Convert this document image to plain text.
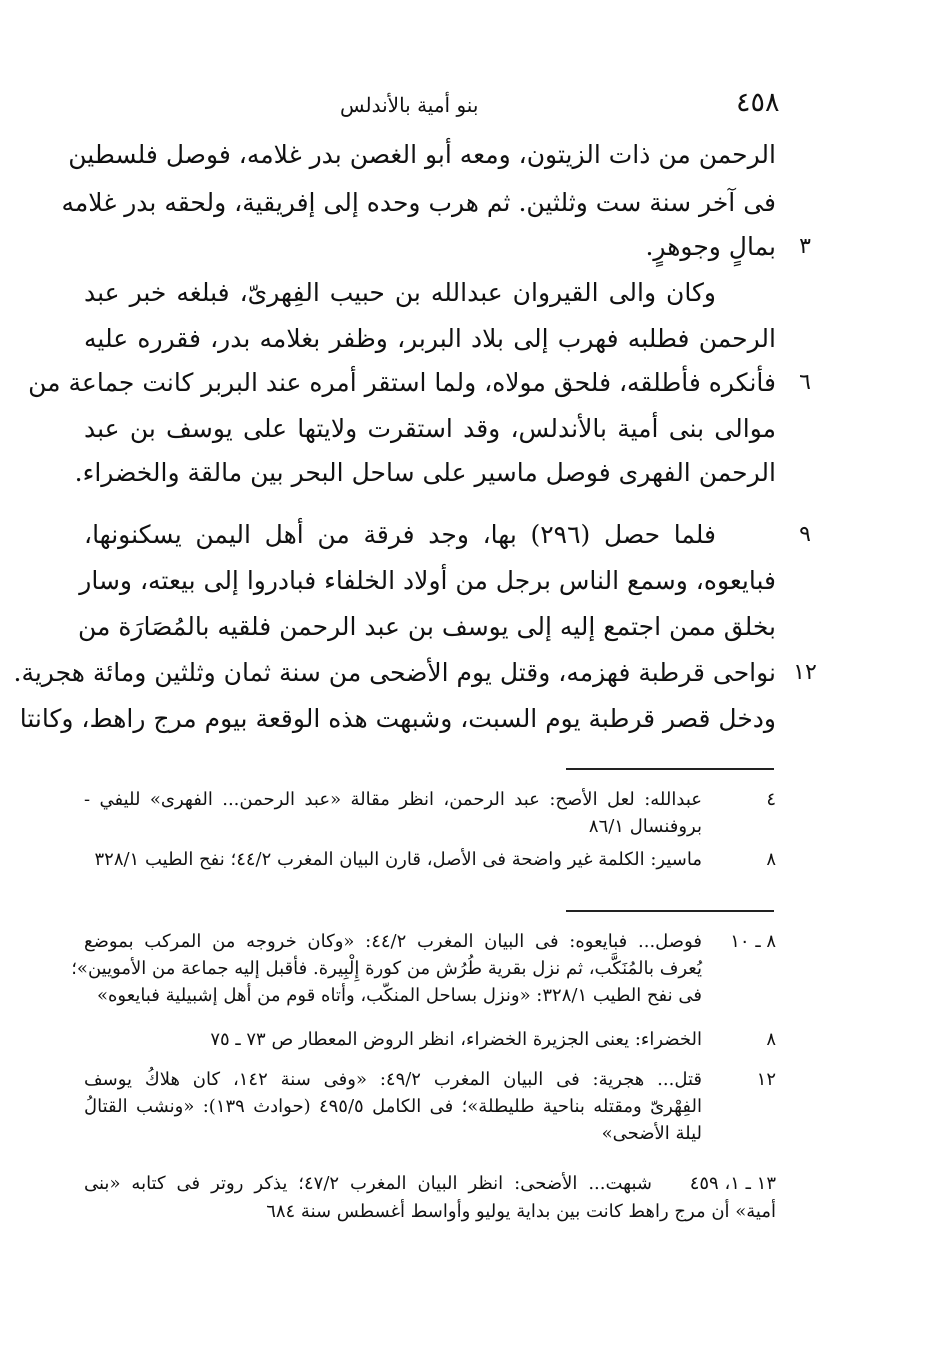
٤٥٨
بنو أمية بالأندلس
الرحمن من ذات الزيتون، ومعه أبو الغصن بدر غلامه، فوصل فلسطين
فى آخر سنة ست وثلثين. ثم هرب وحده إلى إفريقية، ولحقه بدر غلامه
بمالٍ وجوهرٍ.
وكان والى القيروان عبدالله بن حبيب الفِهرىّ، فبلغه خبر عبد
الرحمن فطلبه فهرب إلى بلاد البربر، وظفر بغلامه بدر، فقرره عليه
فأنكره فأطلقه، فلحق مولاه، ولما استقر أمره عند البربر كانت جماعة من
موالى بنى أمية بالأندلس، وقد استقرت ولايتها على يوسف بن عبد
الرحمن الفهرى فوصل ماسير على ساحل البحر بين مالقة والخضراء.
فلما حصل (٢٩٦) بها، وجد فرقة من أهل اليمن يسكنونها،
فبايعوه، وسمع الناس برجل من أولاد الخلفاء فبادروا إلى بيعته، وسار
بخلق ممن اجتمع إليه إلى يوسف بن عبد الرحمن فلقيه بالمُصَارَة من
نواحى قرطبة فهزمه، وقتل يوم الأضحى من سنة ثمان وثلثين ومائة هجرية.
ودخل قصر قرطبة يوم السبت، وشبهت هذه الوقعة بيوم مرج راهط، وكانتا
٣
٦
٩
١٢
٤
عبدالله: لعل الأصح: عبد الرحمن، انظر مقالة «عبد الرحمن... الفهرى» لليفي -
بروفنسال ٨٦/١
٨
ماسير: الكلمة غير واضحة فى الأصل، قارن البيان المغرب ٤٤/٢؛ نفح الطيب ٣٢٨/١
٨ ـ ١٠
فوصل... فبايعوه: فى البيان المغرب ٤٤/٢: «وكان خروجه من المركب بموضع
يُعرف بالمُنَكَّب، ثم نزل بقرية طُرُش من كورة إِلْبِيرة. فأقبل إليه جماعة من الأمويين»؛
فى نفح الطيب ٣٢٨/١: «ونزل بساحل المنكّب، وأتاه قوم من أهل إشبيلية فبايعوه»
٨
الخضراء: يعنى الجزيرة الخضراء، انظر الروض المعطار ص ٧٣ ـ ٧٥
١٢
قتل... هجرية: فى البيان المغرب ٤٩/٢: «وفى سنة ١٤٢، كان هلاكُ يوسف
الفِهْرىّ ومقتله بناحية طليطلة»؛ فى الكامل ٤٩٥/٥ (حوادث ١٣٩): «ونشب القتالُ
ليلة الأضحى»
١٣ ـ ١، ٤٥٩
شبهت... الأضحى: انظر البيان المغرب ٤٧/٢؛ يذكر روتر فى كتابه «بنى
أمية» أن مرج راهط كانت بين بداية يوليو وأواسط أغسطس سنة ٦٨٤
